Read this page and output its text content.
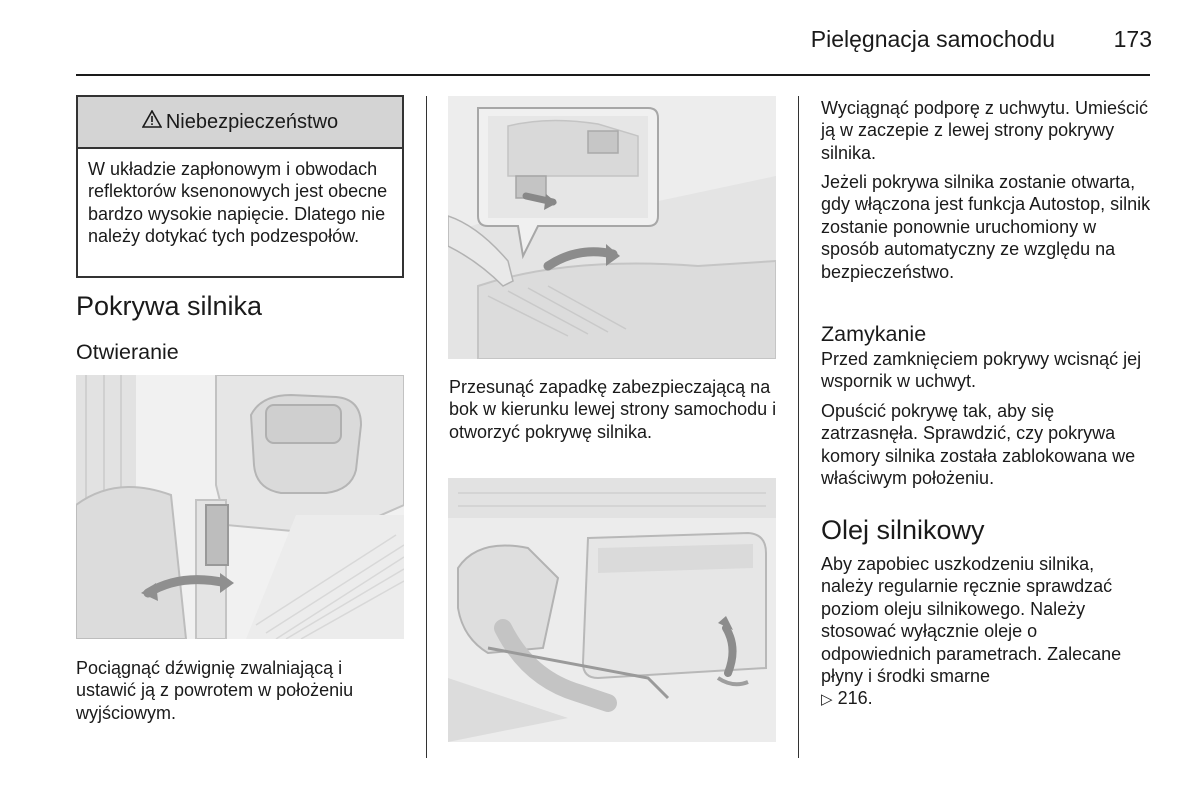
Pielęgnacja samochodu	173
Niebezpieczeństwo
W układzie zapłonowym i obwodach reflektorów ksenonowych jest obecne bardzo wysokie napięcie. Dlatego nie należy dotykać tych podzespołów.
Pokrywa silnika
Otwieranie
Pociągnąć dźwignię zwalniającą i ustawić ją z powrotem w położeniu wyjściowym.
Przesunąć zapadkę zabezpieczającą na bok w kierunku lewej strony samochodu i otworzyć pokrywę silnika.
Wyciągnąć podporę z uchwytu. Umieścić ją w zaczepie z lewej strony pokrywy silnika.
Jeżeli pokrywa silnika zostanie otwarta, gdy włączona jest funkcja Autostop, silnik zostanie ponownie uruchomiony w sposób automatyczny ze względu na bezpieczeństwo.
Zamykanie
Przed zamknięciem pokrywy wcisnąć jej wspornik w uchwyt.
Opuścić pokrywę tak, aby się zatrzasnęła. Sprawdzić, czy pokrywa komory silnika została zablokowana we właściwym położeniu.
Olej silnikowy
Aby zapobiec uszkodzeniu silnika, należy regularnie ręcznie sprawdzać poziom oleju silnikowego. Należy stosować wyłącznie oleje o odpowiednich parametrach. Zalecane płyny i środki smarne
▷ 216.
